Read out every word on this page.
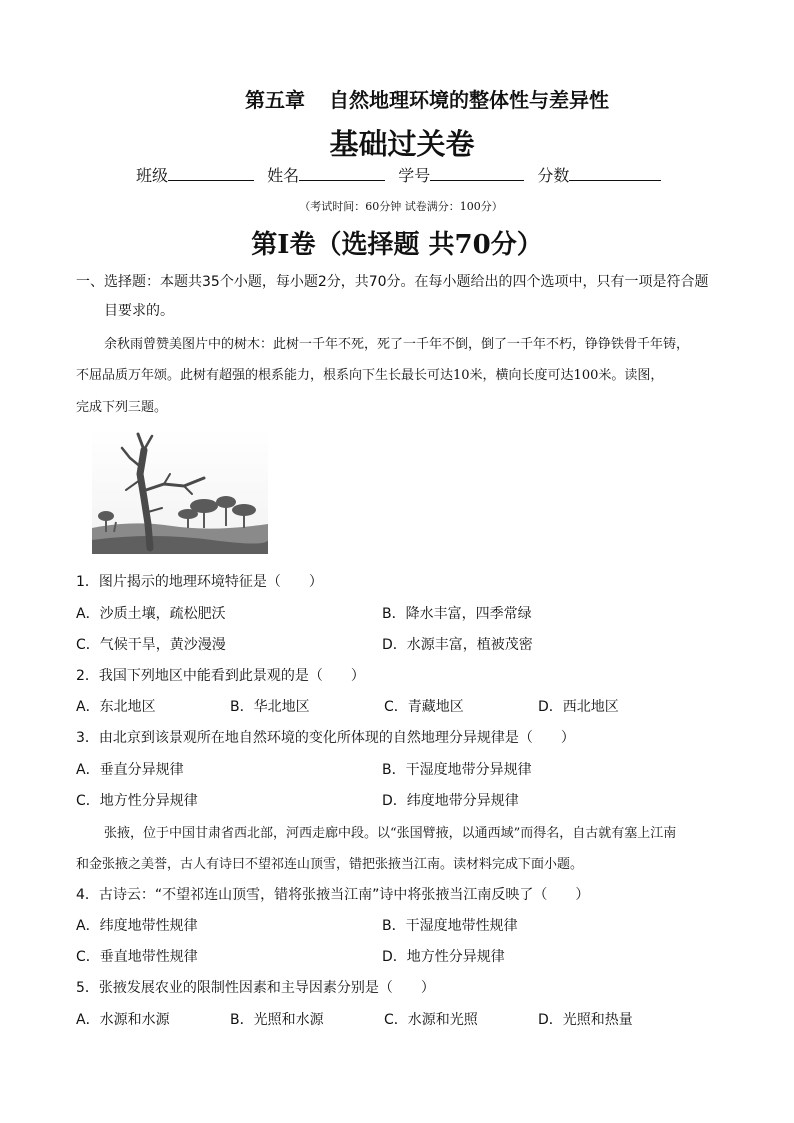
第五章 自然地理环境的整体性与差异性
基础过关卷
班级	姓名	学号	分数
（考试时间：60分钟 试卷满分：100分）
第Ⅰ卷（选择题 共70分）
一、选择题：本题共35个小题，每小题2分，共70分。在每小题给出的四个选项中，只有一项是符合题
目要求的。
余秋雨曾赞美图片中的树木：此树一千年不死，死了一千年不倒，倒了一千年不朽，铮铮铁骨千年铸，
不屈品质万年颂。此树有超强的根系能力，根系向下生长最长可达10米，横向长度可达100米。读图，
完成下列三题。
1．图片揭示的地理环境特征是（　　）
A．沙质土壤，疏松肥沃	B．降水丰富，四季常绿
C．气候干旱，黄沙漫漫	D．水源丰富，植被茂密
2．我国下列地区中能看到此景观的是（　　）
A．东北地区	B．华北地区	C．青藏地区	D．西北地区
3．由北京到该景观所在地自然环境的变化所体现的自然地理分异规律是（　　）
A．垂直分异规律	B．干湿度地带分异规律
C．地方性分异规律	D．纬度地带分异规律
张掖，位于中国甘肃省西北部，河西走廊中段。以“张国臂掖，以通西域”而得名，自古就有塞上江南
和金张掖之美誉，古人有诗曰不望祁连山顶雪，错把张掖当江南。读材料完成下面小题。
4．古诗云：“不望祁连山顶雪，错将张掖当江南”诗中将张掖当江南反映了（　　）
A．纬度地带性规律	B．干湿度地带性规律
C．垂直地带性规律	D．地方性分异规律
5．张掖发展农业的限制性因素和主导因素分别是（　　）
A．水源和水源	B．光照和水源	C．水源和光照	D．光照和热量
